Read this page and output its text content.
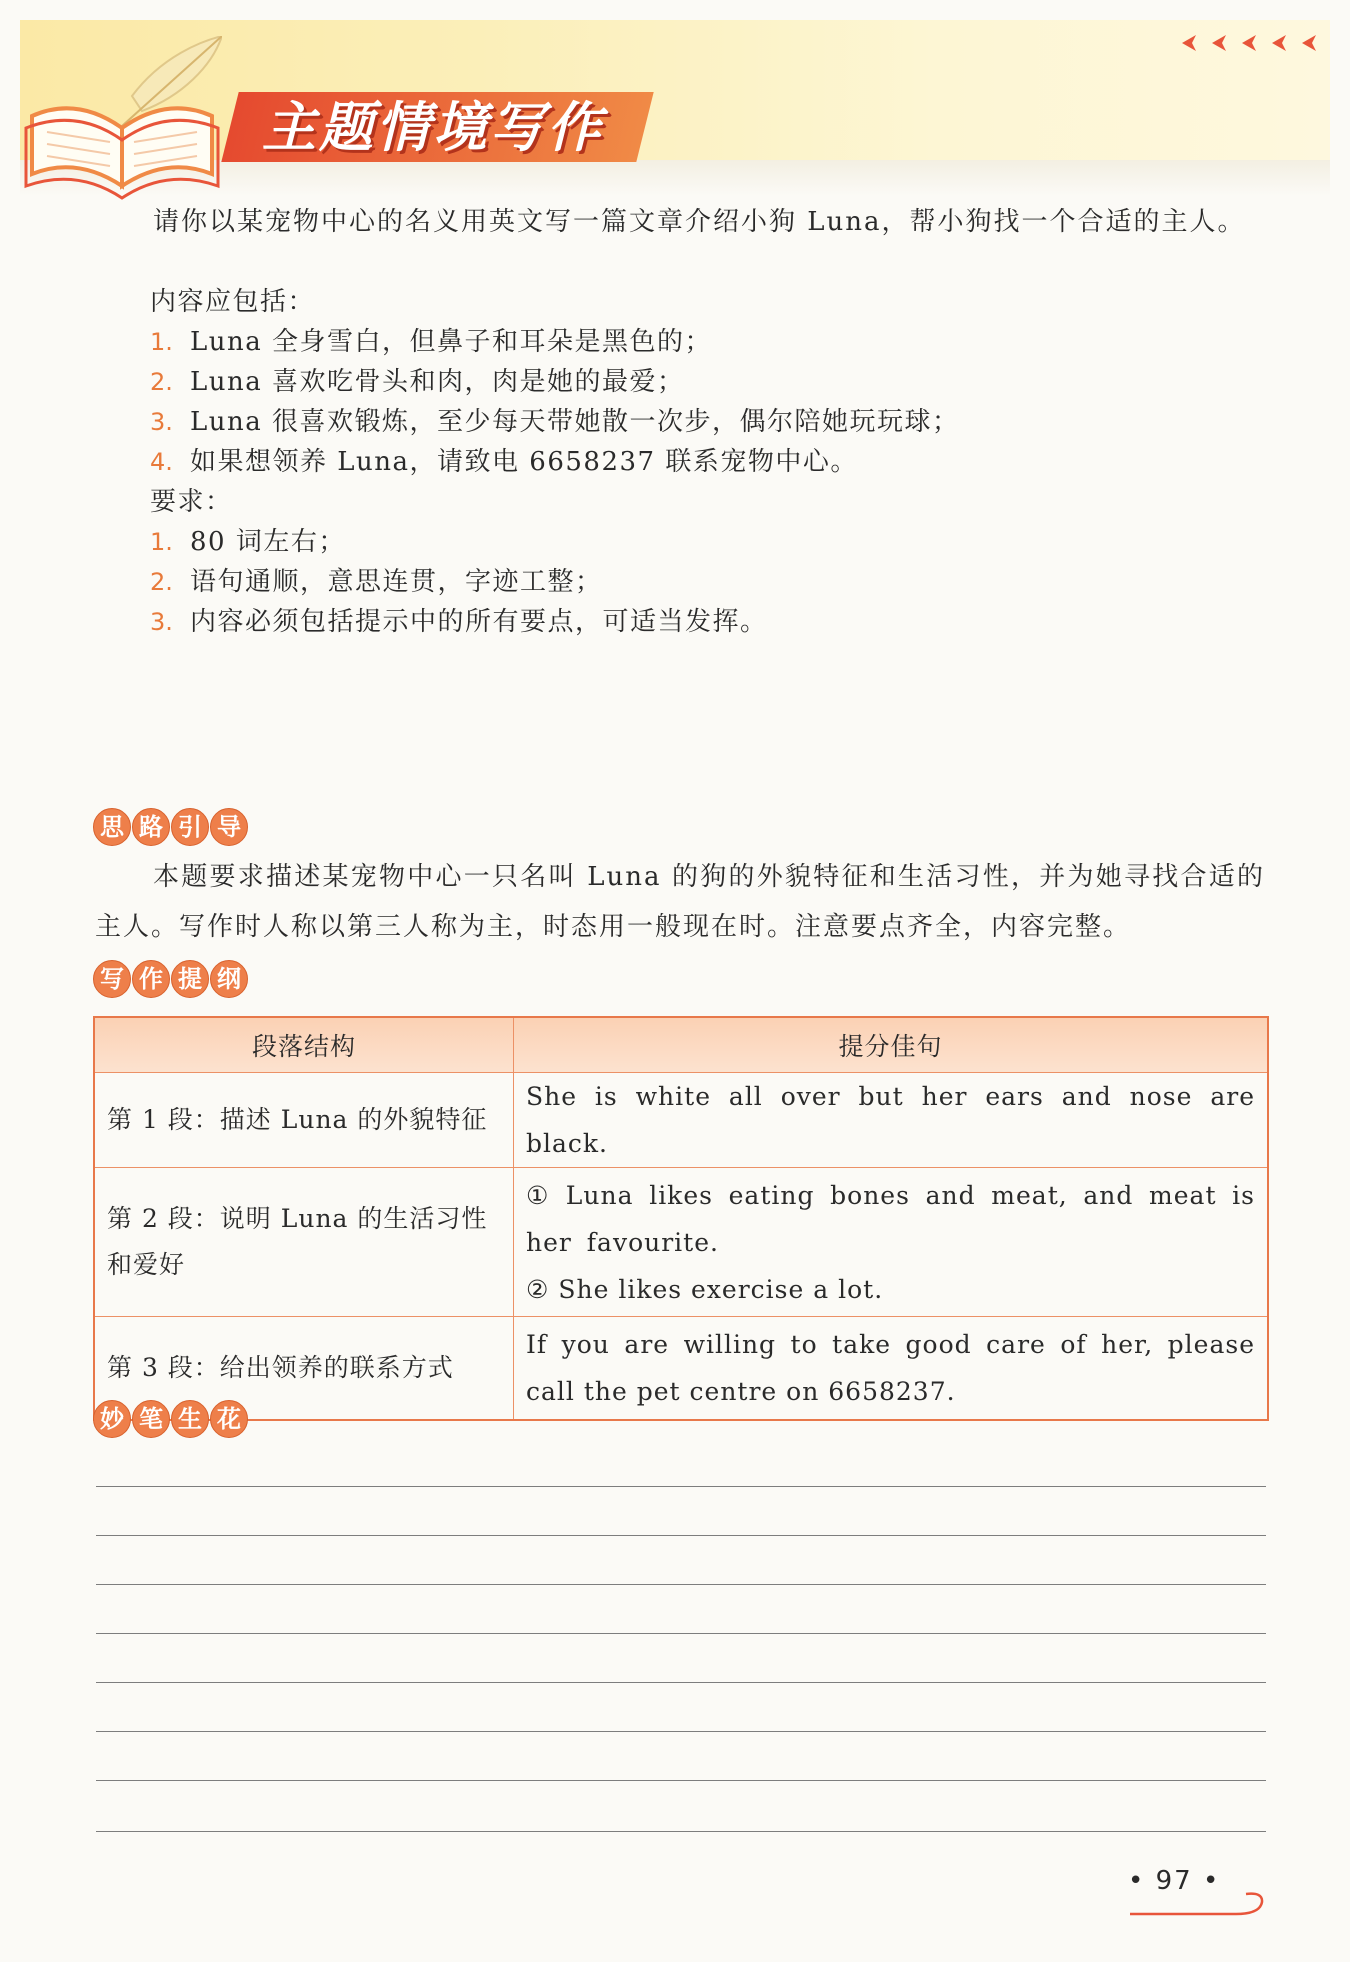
主题情境写作

请你以某宠物中心的名义用英文写一篇文章介绍小狗 Luna，帮小狗找一个合适的主人。

内容应包括：
1. Luna 全身雪白，但鼻子和耳朵是黑色的；
2. Luna 喜欢吃骨头和肉，肉是她的最爱；
3. Luna 很喜欢锻炼，至少每天带她散一次步，偶尔陪她玩玩球；
4. 如果想领养 Luna，请致电 6658237 联系宠物中心。
要求：
1. 80 词左右；
2. 语句通顺，意思连贯，字迹工整；
3. 内容必须包括提示中的所有要点，可适当发挥。
思 路 引 导

本题要求描述某宠物中心一只名叫 Luna 的狗的外貌特征和生活习性，并为她寻找合适的主人。写作时人称以第三人称为主，时态用一般现在时。注意要点齐全，内容完整。

写 作 提 纲
段落结构	提分佳句
第 1 段：描述 Luna 的外貌特征	She is white all over but her ears and nose are black.
第 2 段：说明 Luna 的生活习性和爱好	① Luna likes eating bones and meat, and meat is her favourite.
② She likes exercise a lot.

第 3 段：给出领养的联系方式	If you are willing to take good care of her, please call the pet centre on 6658237.
妙 笔 生 花
• 97 •
